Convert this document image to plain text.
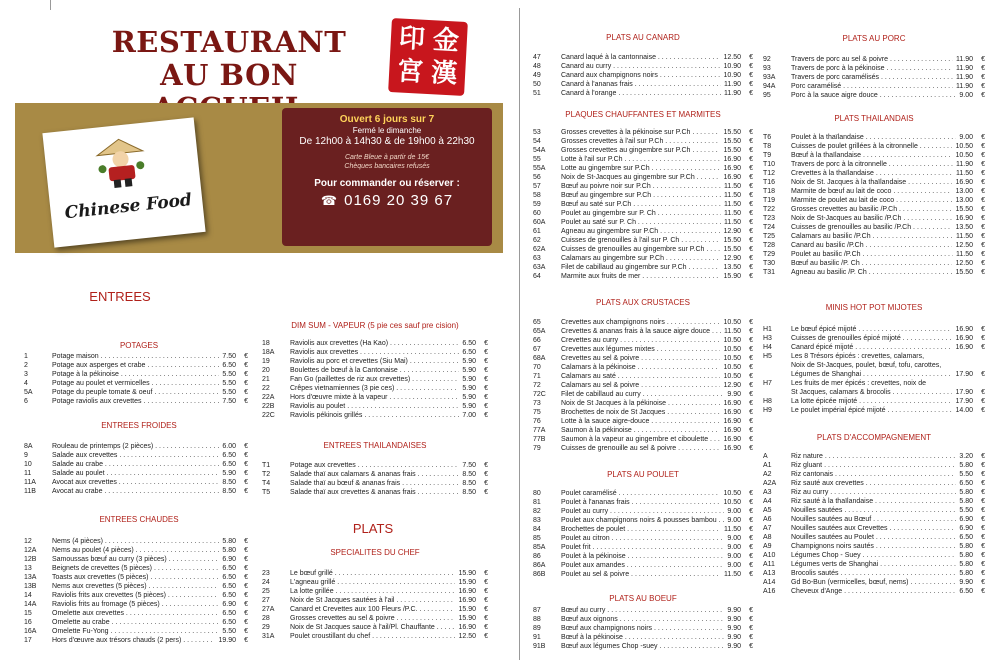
RESTAURANT
AU BON
印 金
宮 漢
Chinese Food
Ouvert 6 jours sur 7
Fermé le dimanche
De 12h00 à 14h30 & de 19h00 à 22h30
Carte Bleue à partir de 15€
Chèques bancaires refusés
Pour commander ou réserver :
☎ 0169 20 39 67
ENTREES
PLATS
POTAGES
ENTREES FROIDES
ENTREES CHAUDES
DIM SUM - VAPEUR (5 pie ces sauf pre cision)
ENTREES THAILANDAISES
SPECIALITES DU CHEF
PLATS AU CANARD
PLAQUES CHAUFFANTES ET MARMITES
PLATS AUX CRUSTACES
PLATS AU POULET
PLATS AU BOEUF
PLATS AU PORC
PLATS THAILANDAIS
MINIS HOT POT MIJOTES
PLATS D'ACCOMPAGNEMENT
1	Potage maison . . .	7.50	€
2	Potage aux asperges et crabe . . .	6.50	€
3	Potage à la pékinoise . . .	5.50	€
4	Potage au poulet et vermicelles . . .	5.50	€
5A	Potage du peuple tomate & oeuf . . .	5.50	€
6	Potage raviolis aux crevettes . . .	7.50	€
8A	Rouleau de printemps (2 pièces) . . .	6.00	€
9	Salade aux crevettes . . .	6.50	€
10	Salade au crabe . . .	6.50	€
11	Salade au poulet . . .	5.90	€
11A	Avocat aux crevettes . . .	8.50	€
11B	Avocat au crabe . . .	8.50	€
12	Nems (4 pièces) . . .	5.80	€
12A	Nems au poulet (4 pièces) . . .	5.80	€
12B	Samoussas bœuf au curry (3 pièces) . . .	6.90	€
13	Beignets de crevettes (5 pièces) . . .	6.50	€
13A	Toasts aux crevettes (5 pièces) . . .	6.50	€
13B	Nems aux crevettes (5 pièces) . . .	6.50	€
14	Raviolis frits aux crevettes (5 pièces) . . .	6.50	€
14A	Raviolis frits au fromage (5 pièces) . . .	6.90	€
15	Omelette aux crevettes . . .	6.50	€
16	Omelette au crabe . . .	6.50	€
16A	Omelette Fu-Yong . . .	5.50	€
17	Hors d'œuvre aux trésors chauds (2 pers) . . .	19.90	€
18	Raviolis aux crevettes (Ha Kao) . . .	6.50	€
18A	Raviolis aux crevettes . . .	6.50	€
19	Raviolis au porc et crevettes (Siu Mai) . . .	5.90	€
20	Boulettes de bœuf à la Cantonaise . . .	5.90	€
21	Fan Go (paillettes de riz aux crevettes) . . .	5.90	€
22	Crêpes vietnamiennes (3 pie ces) . . .	5.90	€
22A	Hors d'œuvre mixte à la vapeur . . .	5.90	€
22B	Raviolis au poulet . . .	5.90	€
22C	Raviolis pékinois grillés . . .	7.00	€
T1	Potage aux crevettes . . .	7.50	€
T2	Salade thaï aux calamars & ananas frais . . .	8.50	€
T4	Salade thaï au bœuf & ananas frais . . .	8.50	€
T5	Salade thaï aux crevettes & ananas frais . . .	8.50	€
23	Le bœuf grillé . . .	15.90	€
24	L'agneau grillé . . .	15.90	€
25	La lotte grillée . . .	16.90	€
27	Noix de St Jacques sautées à l'ail . . .	16.90	€
27A	Canard et Crevettes aux 100 Fleurs /P.C. . . .	15.90	€
28	Grosses crevettes au sel & poivre . . .	15.90	€
29	Noix de St Jacques sauce à l'ail/Pl. Chauffante . . .	16.90	€
31A	Poulet croustillant du chef . . .	12.50	€
47	Canard laqué à la cantonnaise . . .	12.50	€
48	Canard au curry . . .	10.90	€
49	Canard aux champignons noirs . . .	10.90	€
50	Canard à l'ananas frais . . .	11.90	€
51	Canard à l'orange . . .	11.90	€
53	Grosses crevettes à la pékinoise sur P.Ch . . .	15.50	€
54	Grosses crevettes à l'ail sur P.Ch . . .	15.50	€
54A	Grosses crevettes au gingembre sur P.Ch . . .	15.50	€
55	Lotte à l'ail sur P.Ch . . .	16.90	€
55A	Lotte au gingembre sur P.Ch . . .	16.90	€
56	Noix de St-Jacques au gingembre sur P.Ch . . .	16.90	€
57	Bœuf au poivre noir sur P.Ch . . .	11.50	€
58	Bœuf au gingembre sur P.Ch . . .	11.50	€
59	Bœuf au saté sur P.Ch . . .	11.50	€
60	Poulet au gingembre sur P. Ch . . .	11.50	€
60A	Poulet au saté sur P. Ch . . .	11.50	€
61	Agneau au gingembre sur P.Ch . . .	12.90	€
62	Cuisses de grenouilles à l'ail sur P. Ch . . .	15.50	€
62A	Cuisses de grenouilles au gingembre sur P.Ch . . .	15.50	€
63	Calamars au gingembre sur P.Ch . . .	12.90	€
63A	Filet de cabillaud au gingembre sur P.Ch . . .	13.50	€
64	Marmite aux fruits de mer . . .	15.90	€
65	Crevettes aux champignons noirs . . .	10.50	€
65A	Crevettes & ananas frais à la sauce aigre douce . . .	11.50	€
66	Crevettes au curry . . .	10.50	€
67	Crevettes aux légumes mixtes . . .	10.50	€
68A	Crevettes au sel & poivre . . .	10.50	€
70	Calamars à la pékinoise . . .	10.50	€
71	Calamars au saté . . .	10.50	€
72	Calamars au sel & poivre . . .	12.90	€
72C	Filet de cabillaud au curry . . .	9.90	€
73	Noix de St Jacques à la pékinoise . . .	16.90	€
75	Brochettes de noix de St Jacques . . .	16.90	€
76	Lotte à la sauce aigre-douce . . .	16.90	€
77A	Saumon à la pékinoise . . .	16.90	€
77B	Saumon à la vapeur au gingembre et ciboulette . . .	16.90	€
79	Cuisses de grenouille au sel & poivre . . .	16.90	€
80	Poulet caramélisé . . .	10.50	€
81	Poulet à l'ananas frais . . .	10.50	€
82	Poulet au curry . . .	9.00	€
83	Poulet aux champignons noirs & pousses bambou . . .	9.00	€
84	Brochettes de poulet . . .	11.50	€
85	Poulet au citron . . .	9.00	€
85A	Poulet frit . . .	9.00	€
86	Poulet à la pékinoise . . .	9.00	€
86A	Poulet aux amandes . . .	9.00	€
86B	Poulet au sel & poivre . . .	11.50	€
87	Bœuf au curry . . .	9.90	€
88	Bœuf aux oignons . . .	9.90	€
89	Bœuf aux champignons noirs . . .	9.90	€
91	Bœuf à la pékinoise . . .	9.90	€
91B	Bœuf aux légumes Chop -suey . . .	9.90	€
92	Travers de porc au sel & poivre . . .	11.90	€
93	Travers de porc à la pékinoise . . .	11.90	€
93A	Travers de porc caramélisés . . .	11.90	€
94A	Porc caramélisé . . .	11.90	€
95	Porc à la sauce aigre douce . . .	9.00	€
T6	Poulet à la thaïlandaise . . .	9.00	€
T8	Cuisses de poulet grillées à la citronnelle . . .	10.50	€
T9	Bœuf à la thaïlandaise . . .	10.50	€
T10	Travers de porc à la citronnelle . . .	11.90	€
T12	Crevettes à la thaïlandaise . . .	11.50	€
T16	Noix de St. Jacques à la thaïlandaise . . .	16.90	€
T18	Marmite de bœuf au lait de coco . . .	13.00	€
T19	Marmite de poulet au lait de coco . . .	13.00	€
T22	Grosses crevettes au basilic /P.Ch . . .	15.50	€
T23	Noix de St-Jacques au basilic /P.Ch . . .	16.90	€
T24	Cuisses de grenouilles au basilic /P.Ch . . .	13.50	€
T25	Calamars au basilic /P.Ch . . .	11.50	€
T28	Canard au basilic /P.Ch . . .	12.50	€
T29	Poulet au basilic /P.Ch . . .	11.50	€
T30	Bœuf au basilic /P. Ch . . .	12.50	€
T31	Agneau au basilic /P. Ch . . .	15.50	€
H1	Le bœuf épicé mijoté . . .	16.90	€
H3	Cuisses de grenouilles épicé mijoté . . .	16.90	€
H4	Canard épicé mijoté . . .	16.90	€
H5	Les 8 Trésors épicés : crevettes, calamars,
Noix de St-Jacques, poulet, bœuf, tofu, carottes,
Légumes de Shanghai . . .	17.90	€
H7	Les fruits de mer épicés : crevettes, noix de
St Jacques, calamars & brocolis . . .	17.90	€
H8	La lotte épicée mijoté . . .	17.90	€
H9	Le poulet impérial épicé mijoté . . .	14.00	€
A	Riz nature . . .	3.20	€
A1	Riz gluant . . .	5.80	€
A2	Riz cantonais . . .	5.50	€
A2A	Riz sauté aux crevettes . . .	6.50	€
A3	Riz au curry . . .	5.80	€
A4	Riz sauté à la thaïlandaise . . .	5.80	€
A5	Nouilles sautées . . .	5.50	€
A6	Nouilles sautées au Bœuf . . .	6.90	€
A7	Nouilles sautées aux Crevettes . . .	6.90	€
A8	Nouilles sautées au Poulet . . .	6.50	€
A9	Champignons noirs sautés . . .	5.80	€
A10	Légumes Chop - Suey . . .	5.80	€
A11	Légumes verts de Shanghai . . .	5.80	€
A13	Brocolis sautés . . .	5.80	€
A14	Gd Bo-Bun (vermicelles, bœuf, nems) . . .	9.90	€
A16	Cheveux d'Ange . . .	6.50	€
